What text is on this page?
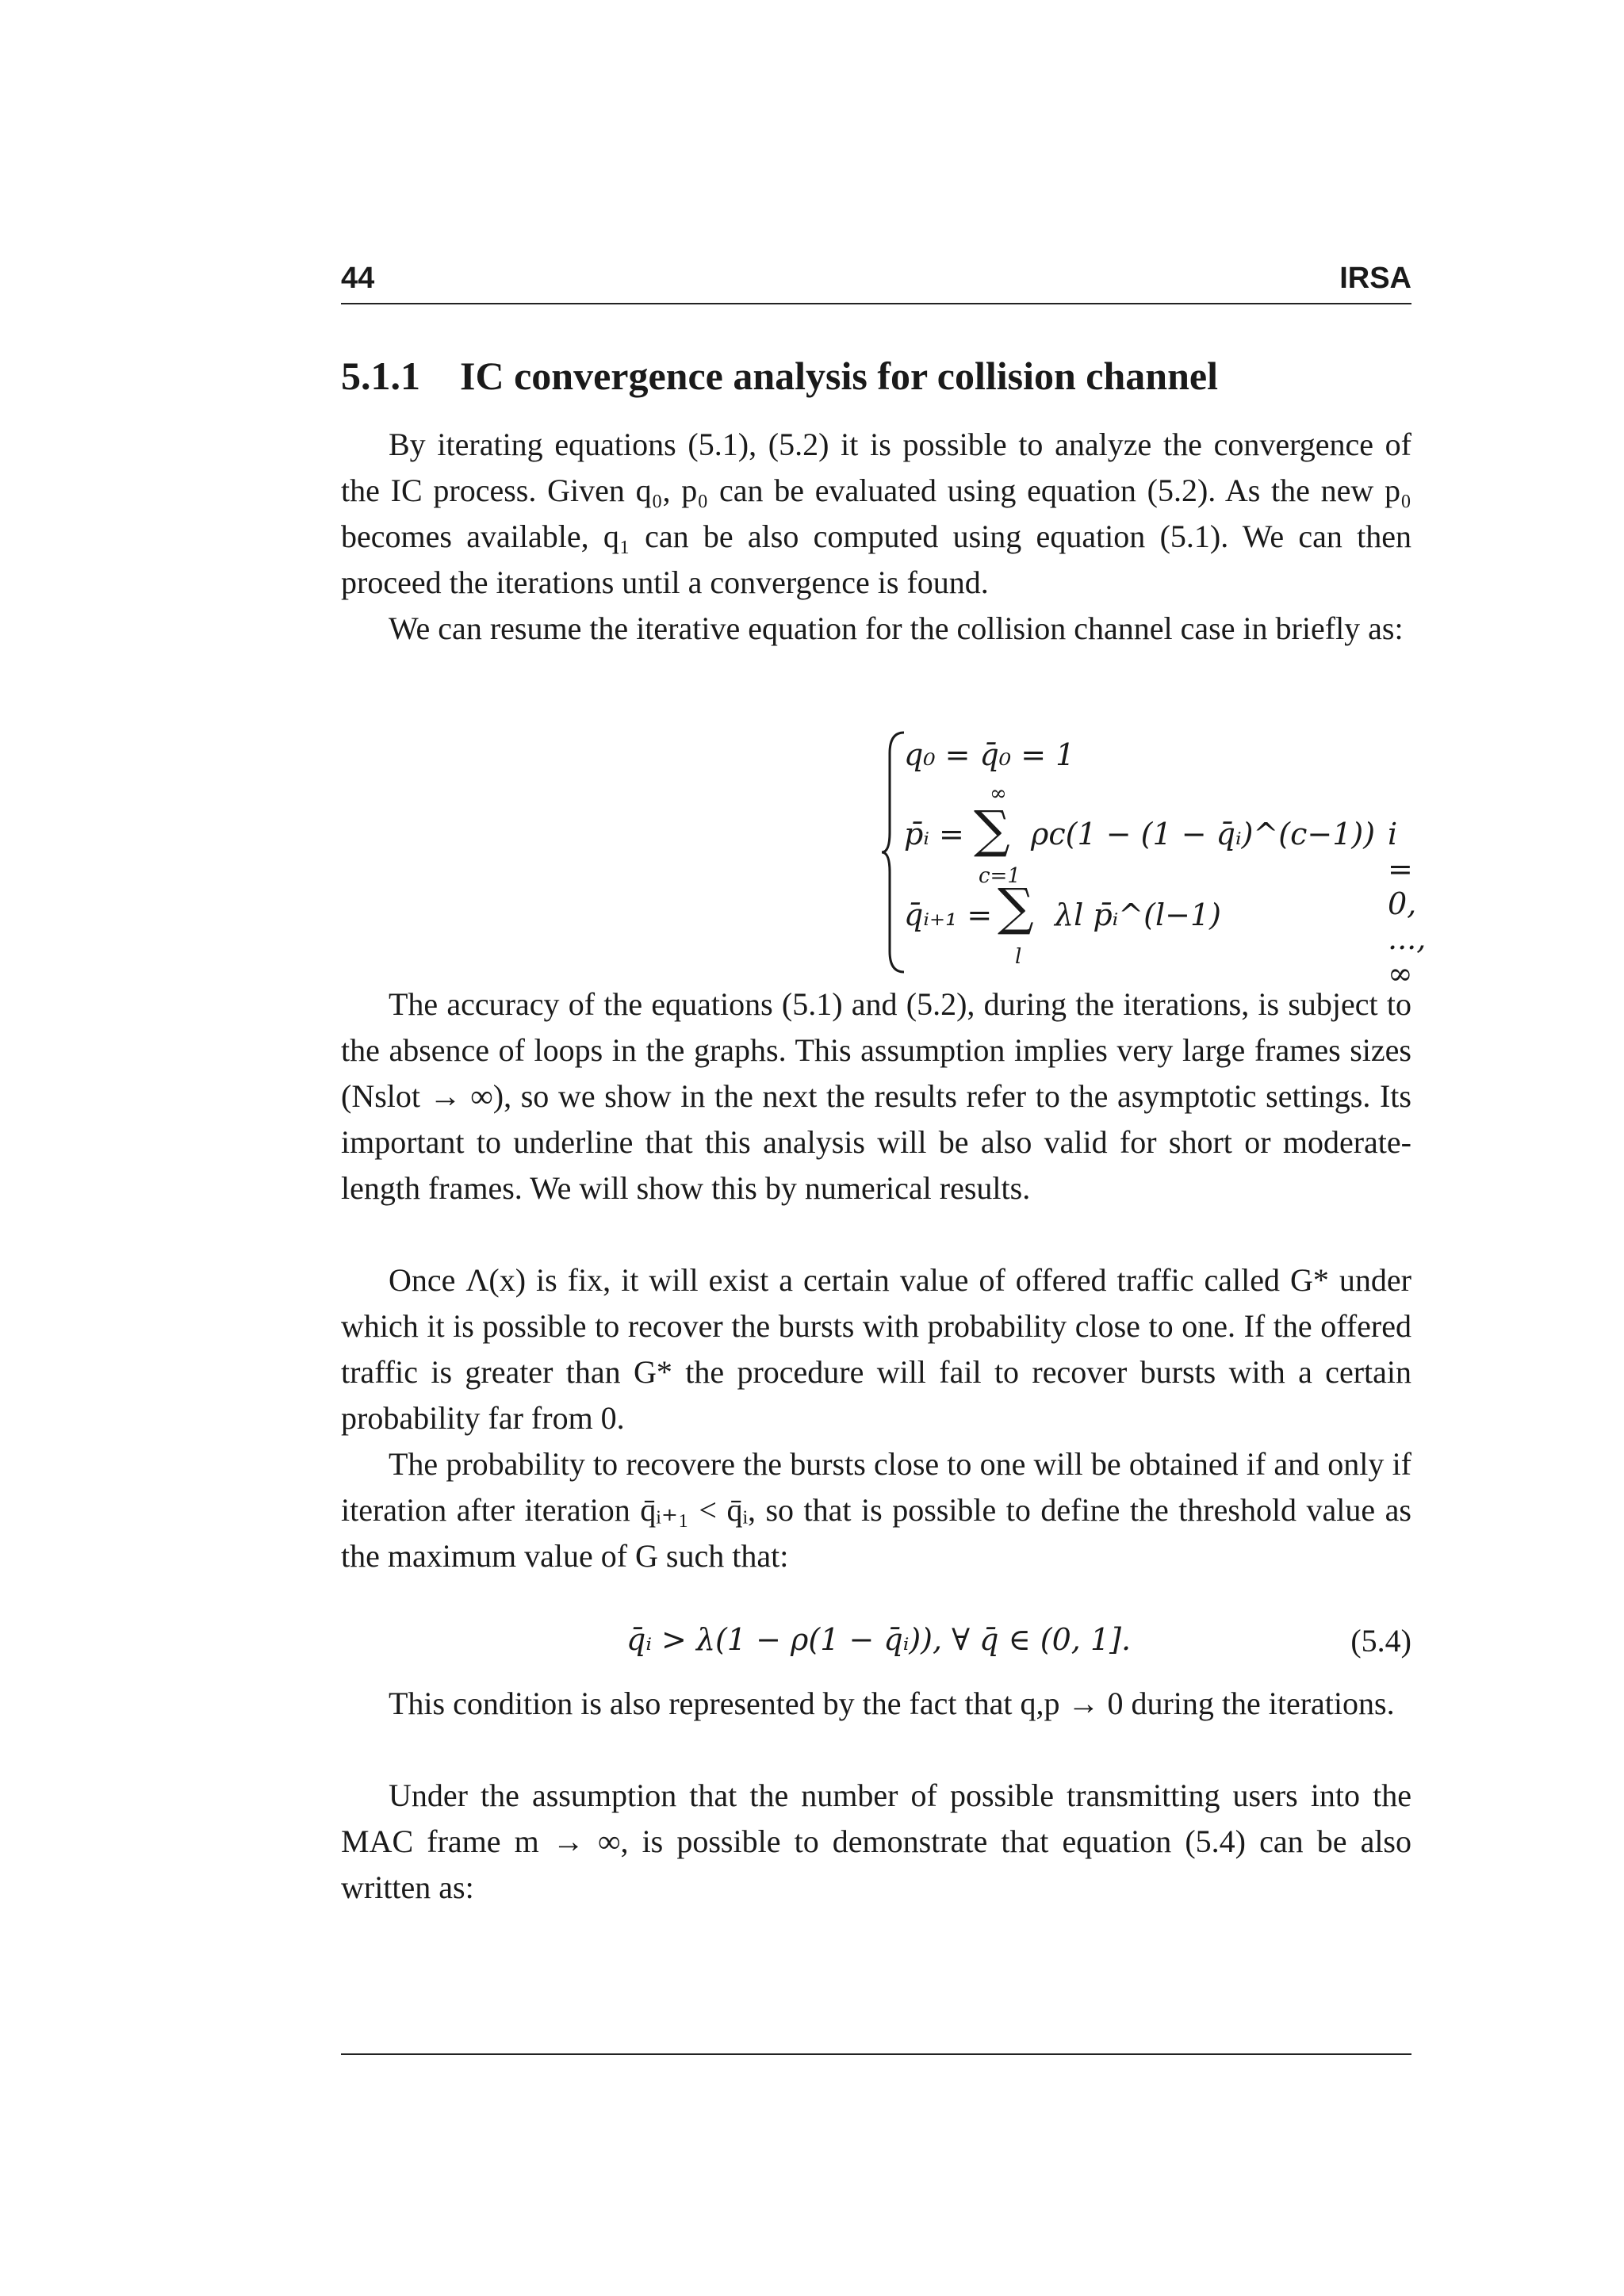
44	IRSA
5.1.1 IC convergence analysis for collision channel

By iterating equations (5.1), (5.2) it is possible to analyze the convergence of the IC process. Given q₀, p₀ can be evaluated using equation (5.2). As the new p₀ becomes available, q₁ can be also computed using equation (5.1). We can then proceed the iterations until a convergence is found.

We can resume the iterative equation for the collision channel case in briefly as:

q₀ = q̄₀ = 1
p̄ᵢ =
∞
∑
c=1
ρc(1 − (1 − q̄ᵢ)^(c−1)) i = 0, ..., ∞
q̄ᵢ₊₁ = ∑
l
λl p̄ᵢ^(l−1)

The accuracy of the equations (5.1) and (5.2), during the iterations, is subject to the absence of loops in the graphs. This assumption implies very large frames sizes (Nslot → ∞), so we show in the next the results refer to the asymptotic settings. Its important to underline that this analysis will be also valid for short or moderate-length frames. We will show this by numerical results.

Once Λ(x) is fix, it will exist a certain value of offered traffic called G* under which it is possible to recover the bursts with probability close to one. If the offered traffic is greater than G* the procedure will fail to recover bursts with a certain probability far from 0.

The probability to recovere the bursts close to one will be obtained if and only if iteration after iteration q̄ᵢ₊₁ < q̄ᵢ, so that is possible to define the threshold value as the maximum value of G such that:

q̄ᵢ > λ(1 − ρ(1 − q̄ᵢ)), ∀ q̄ ∈ (0, 1].	(5.4)

This condition is also represented by the fact that q,p → 0 during the iterations.

Under the assumption that the number of possible transmitting users into the MAC frame m → ∞, is possible to demonstrate that equation (5.4) can be also written as:
